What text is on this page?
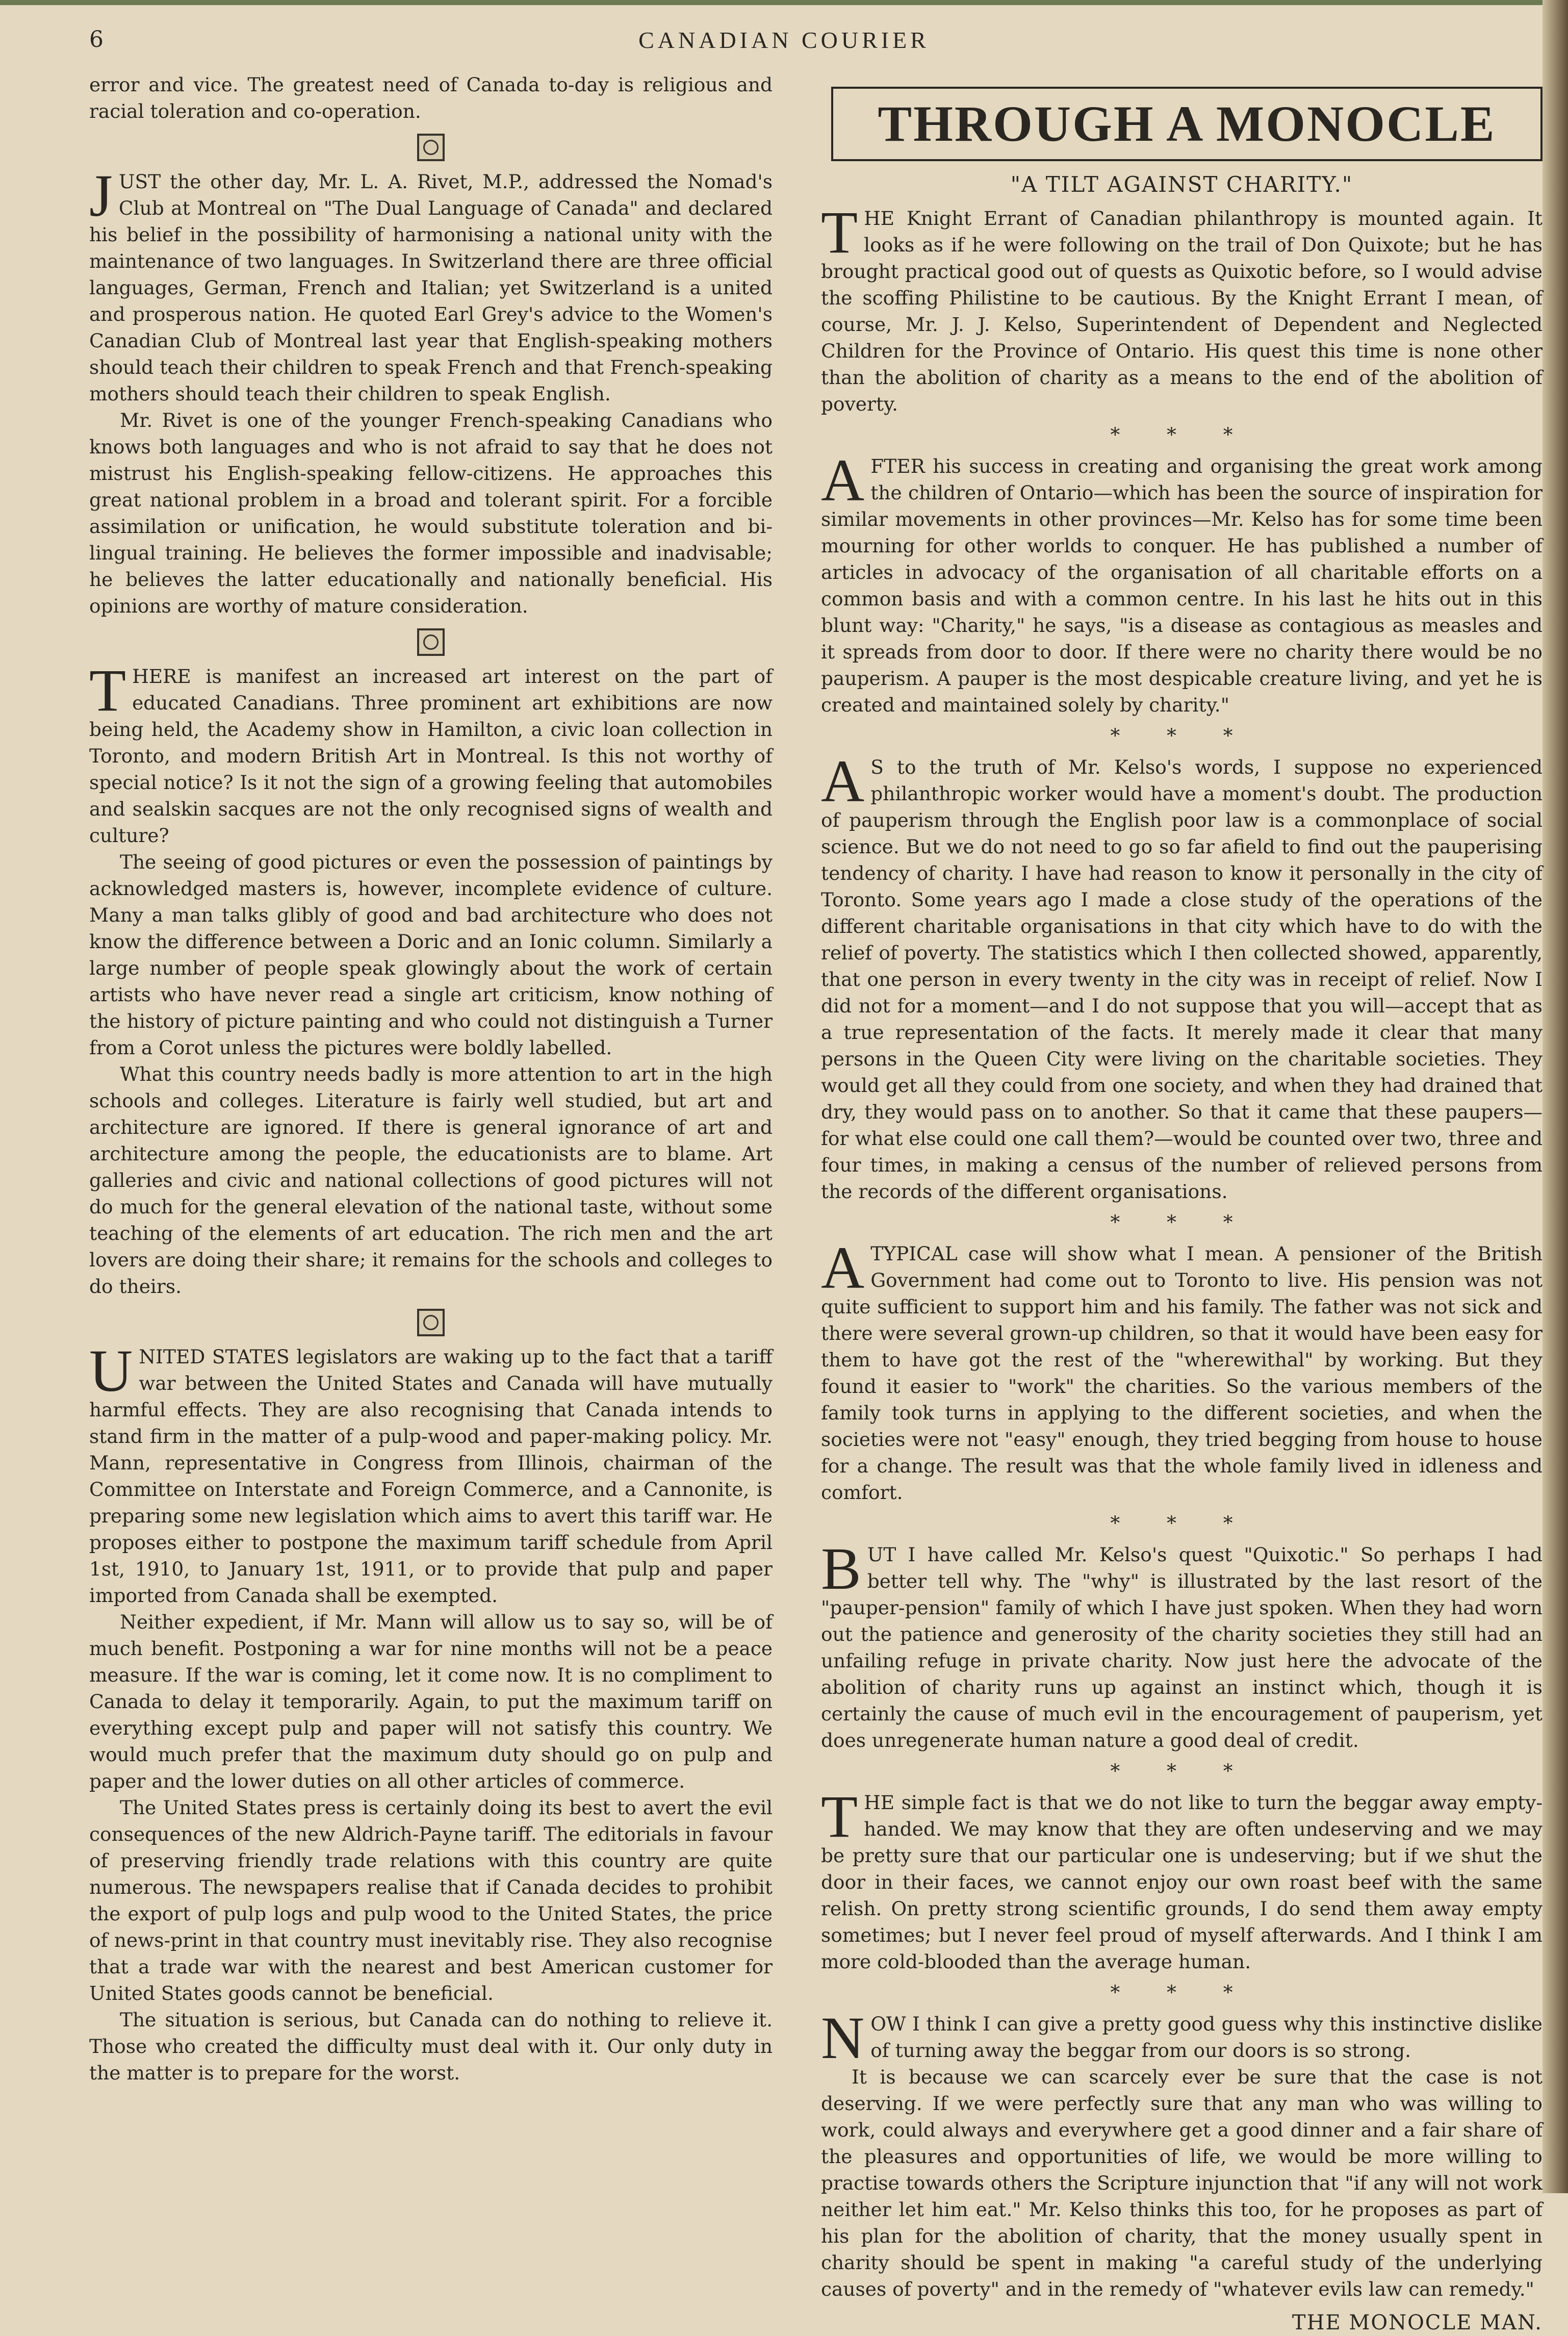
6	CANADIAN COURIER

error and vice. The greatest need of Canada to-day is religious and racial toleration and co-operation.

J UST the other day, Mr. L. A. Rivet, M.P., addressed the Nomad's Club at Montreal on "The Dual Language of Canada" and declared his belief in the possibility of harmonising a national unity with the maintenance of two languages. In Switzerland there are three official languages, German, French and Italian; yet Switzerland is a united and prosperous nation. He quoted Earl Grey's advice to the Women's Canadian Club of Montreal last year that English-speaking mothers should teach their children to speak French and that French-speaking mothers should teach their children to speak English.

Mr. Rivet is one of the younger French-speaking Canadians who knows both languages and who is not afraid to say that he does not mistrust his English-speaking fellow-citizens. He approaches this great national problem in a broad and tolerant spirit. For a forcible assimilation or unification, he would substitute toleration and bi-lingual training. He believes the former impossible and inadvisable; he believes the latter educationally and nationally beneficial. His opinions are worthy of mature consideration.

T HERE is manifest an increased art interest on the part of educated Canadians. Three prominent art exhibitions are now being held, the Academy show in Hamilton, a civic loan collection in Toronto, and modern British Art in Montreal. Is this not worthy of special notice? Is it not the sign of a growing feeling that automobiles and sealskin sacques are not the only recognised signs of wealth and culture?

The seeing of good pictures or even the possession of paintings by acknowledged masters is, however, incomplete evidence of culture. Many a man talks glibly of good and bad architecture who does not know the difference between a Doric and an Ionic column. Similarly a large number of people speak glowingly about the work of certain artists who have never read a single art criticism, know nothing of the history of picture painting and who could not distinguish a Turner from a Corot unless the pictures were boldly labelled.

What this country needs badly is more attention to art in the high schools and colleges. Literature is fairly well studied, but art and architecture are ignored. If there is general ignorance of art and architecture among the people, the educationists are to blame. Art galleries and civic and national collections of good pictures will not do much for the general elevation of the national taste, without some teaching of the elements of art education. The rich men and the art lovers are doing their share; it remains for the schools and colleges to do theirs.

U NITED STATES legislators are waking up to the fact that a tariff war between the United States and Canada will have mutually harmful effects. They are also recognising that Canada intends to stand firm in the matter of a pulp-wood and paper-making policy. Mr. Mann, representative in Congress from Illinois, chairman of the Committee on Interstate and Foreign Commerce, and a Cannonite, is preparing some new legislation which aims to avert this tariff war. He proposes either to postpone the maximum tariff schedule from April 1st, 1910, to January 1st, 1911, or to provide that pulp and paper imported from Canada shall be exempted.

Neither expedient, if Mr. Mann will allow us to say so, will be of much benefit. Postponing a war for nine months will not be a peace measure. If the war is coming, let it come now. It is no compliment to Canada to delay it temporarily. Again, to put the maximum tariff on everything except pulp and paper will not satisfy this country. We would much prefer that the maximum duty should go on pulp and paper and the lower duties on all other articles of commerce.

The United States press is certainly doing its best to avert the evil consequences of the new Aldrich-Payne tariff. The editorials in favour of preserving friendly trade relations with this country are quite numerous. The newspapers realise that if Canada decides to prohibit the export of pulp logs and pulp wood to the United States, the price of news-print in that country must inevitably rise. They also recognise that a trade war with the nearest and best American customer for United States goods cannot be beneficial.

The situation is serious, but Canada can do nothing to relieve it. Those who created the difficulty must deal with it. Our only duty in the matter is to prepare for the worst.

THROUGH A MONOCLE
"A TILT AGAINST CHARITY."
T HE Knight Errant of Canadian philanthropy is mounted again. It looks as if he were following on the trail of Don Quixote; but he has brought practical good out of quests as Quixotic before, so I would advise the scoffing Philistine to be cautious. By the Knight Errant I mean, of course, Mr. J. J. Kelso, Superintendent of Dependent and Neglected Children for the Province of Ontario. His quest this time is none other than the abolition of charity as a means to the end of the abolition of poverty.

* * *
A FTER his success in creating and organising the great work among the children of Ontario—which has been the source of inspiration for similar movements in other provinces—Mr. Kelso has for some time been mourning for other worlds to conquer. He has published a number of articles in advocacy of the organisation of all charitable efforts on a common basis and with a common centre. In his last he hits out in this blunt way: "Charity," he says, "is a disease as contagious as measles and it spreads from door to door. If there were no charity there would be no pauperism. A pauper is the most despicable creature living, and yet he is created and maintained solely by charity."

* * *
A S to the truth of Mr. Kelso's words, I suppose no experienced philanthropic worker would have a moment's doubt. The production of pauperism through the English poor law is a commonplace of social science. But we do not need to go so far afield to find out the pauperising tendency of charity. I have had reason to know it personally in the city of Toronto. Some years ago I made a close study of the operations of the different charitable organisations in that city which have to do with the relief of poverty. The statistics which I then collected showed, apparently, that one person in every twenty in the city was in receipt of relief. Now I did not for a moment—and I do not suppose that you will—accept that as a true representation of the facts. It merely made it clear that many persons in the Queen City were living on the charitable societies. They would get all they could from one society, and when they had drained that dry, they would pass on to another. So that it came that these paupers—for what else could one call them?—would be counted over two, three and four times, in making a census of the number of relieved persons from the records of the different organisations.

* * *
A TYPICAL case will show what I mean. A pensioner of the British Government had come out to Toronto to live. His pension was not quite sufficient to support him and his family. The father was not sick and there were several grown-up children, so that it would have been easy for them to have got the rest of the "wherewithal" by working. But they found it easier to "work" the charities. So the various members of the family took turns in applying to the different societies, and when the societies were not "easy" enough, they tried begging from house to house for a change. The result was that the whole family lived in idleness and comfort.

* * *
B UT I have called Mr. Kelso's quest "Quixotic." So perhaps I had better tell why. The "why" is illustrated by the last resort of the "pauper-pension" family of which I have just spoken. When they had worn out the patience and generosity of the charity societies they still had an unfailing refuge in private charity. Now just here the advocate of the abolition of charity runs up against an instinct which, though it is certainly the cause of much evil in the encouragement of pauperism, yet does unregenerate human nature a good deal of credit.

* * *
T HE simple fact is that we do not like to turn the beggar away empty-handed. We may know that they are often undeserving and we may be pretty sure that our particular one is undeserving; but if we shut the door in their faces, we cannot enjoy our own roast beef with the same relish. On pretty strong scientific grounds, I do send them away empty sometimes; but I never feel proud of myself afterwards. And I think I am more cold-blooded than the average human.

* * *
N OW I think I can give a pretty good guess why this instinctive dislike of turning away the beggar from our doors is so strong.

It is because we can scarcely ever be sure that the case is not deserving. If we were perfectly sure that any man who was willing to work, could always and everywhere get a good dinner and a fair share of the pleasures and opportunities of life, we would be more willing to practise towards others the Scripture injunction that "if any will not work neither let him eat." Mr. Kelso thinks this too, for he proposes as part of his plan for the abolition of charity, that the money usually spent in charity should be spent in making "a careful study of the underlying causes of poverty" and in the remedy of "whatever evils law can remedy."

THE MONOCLE MAN.
